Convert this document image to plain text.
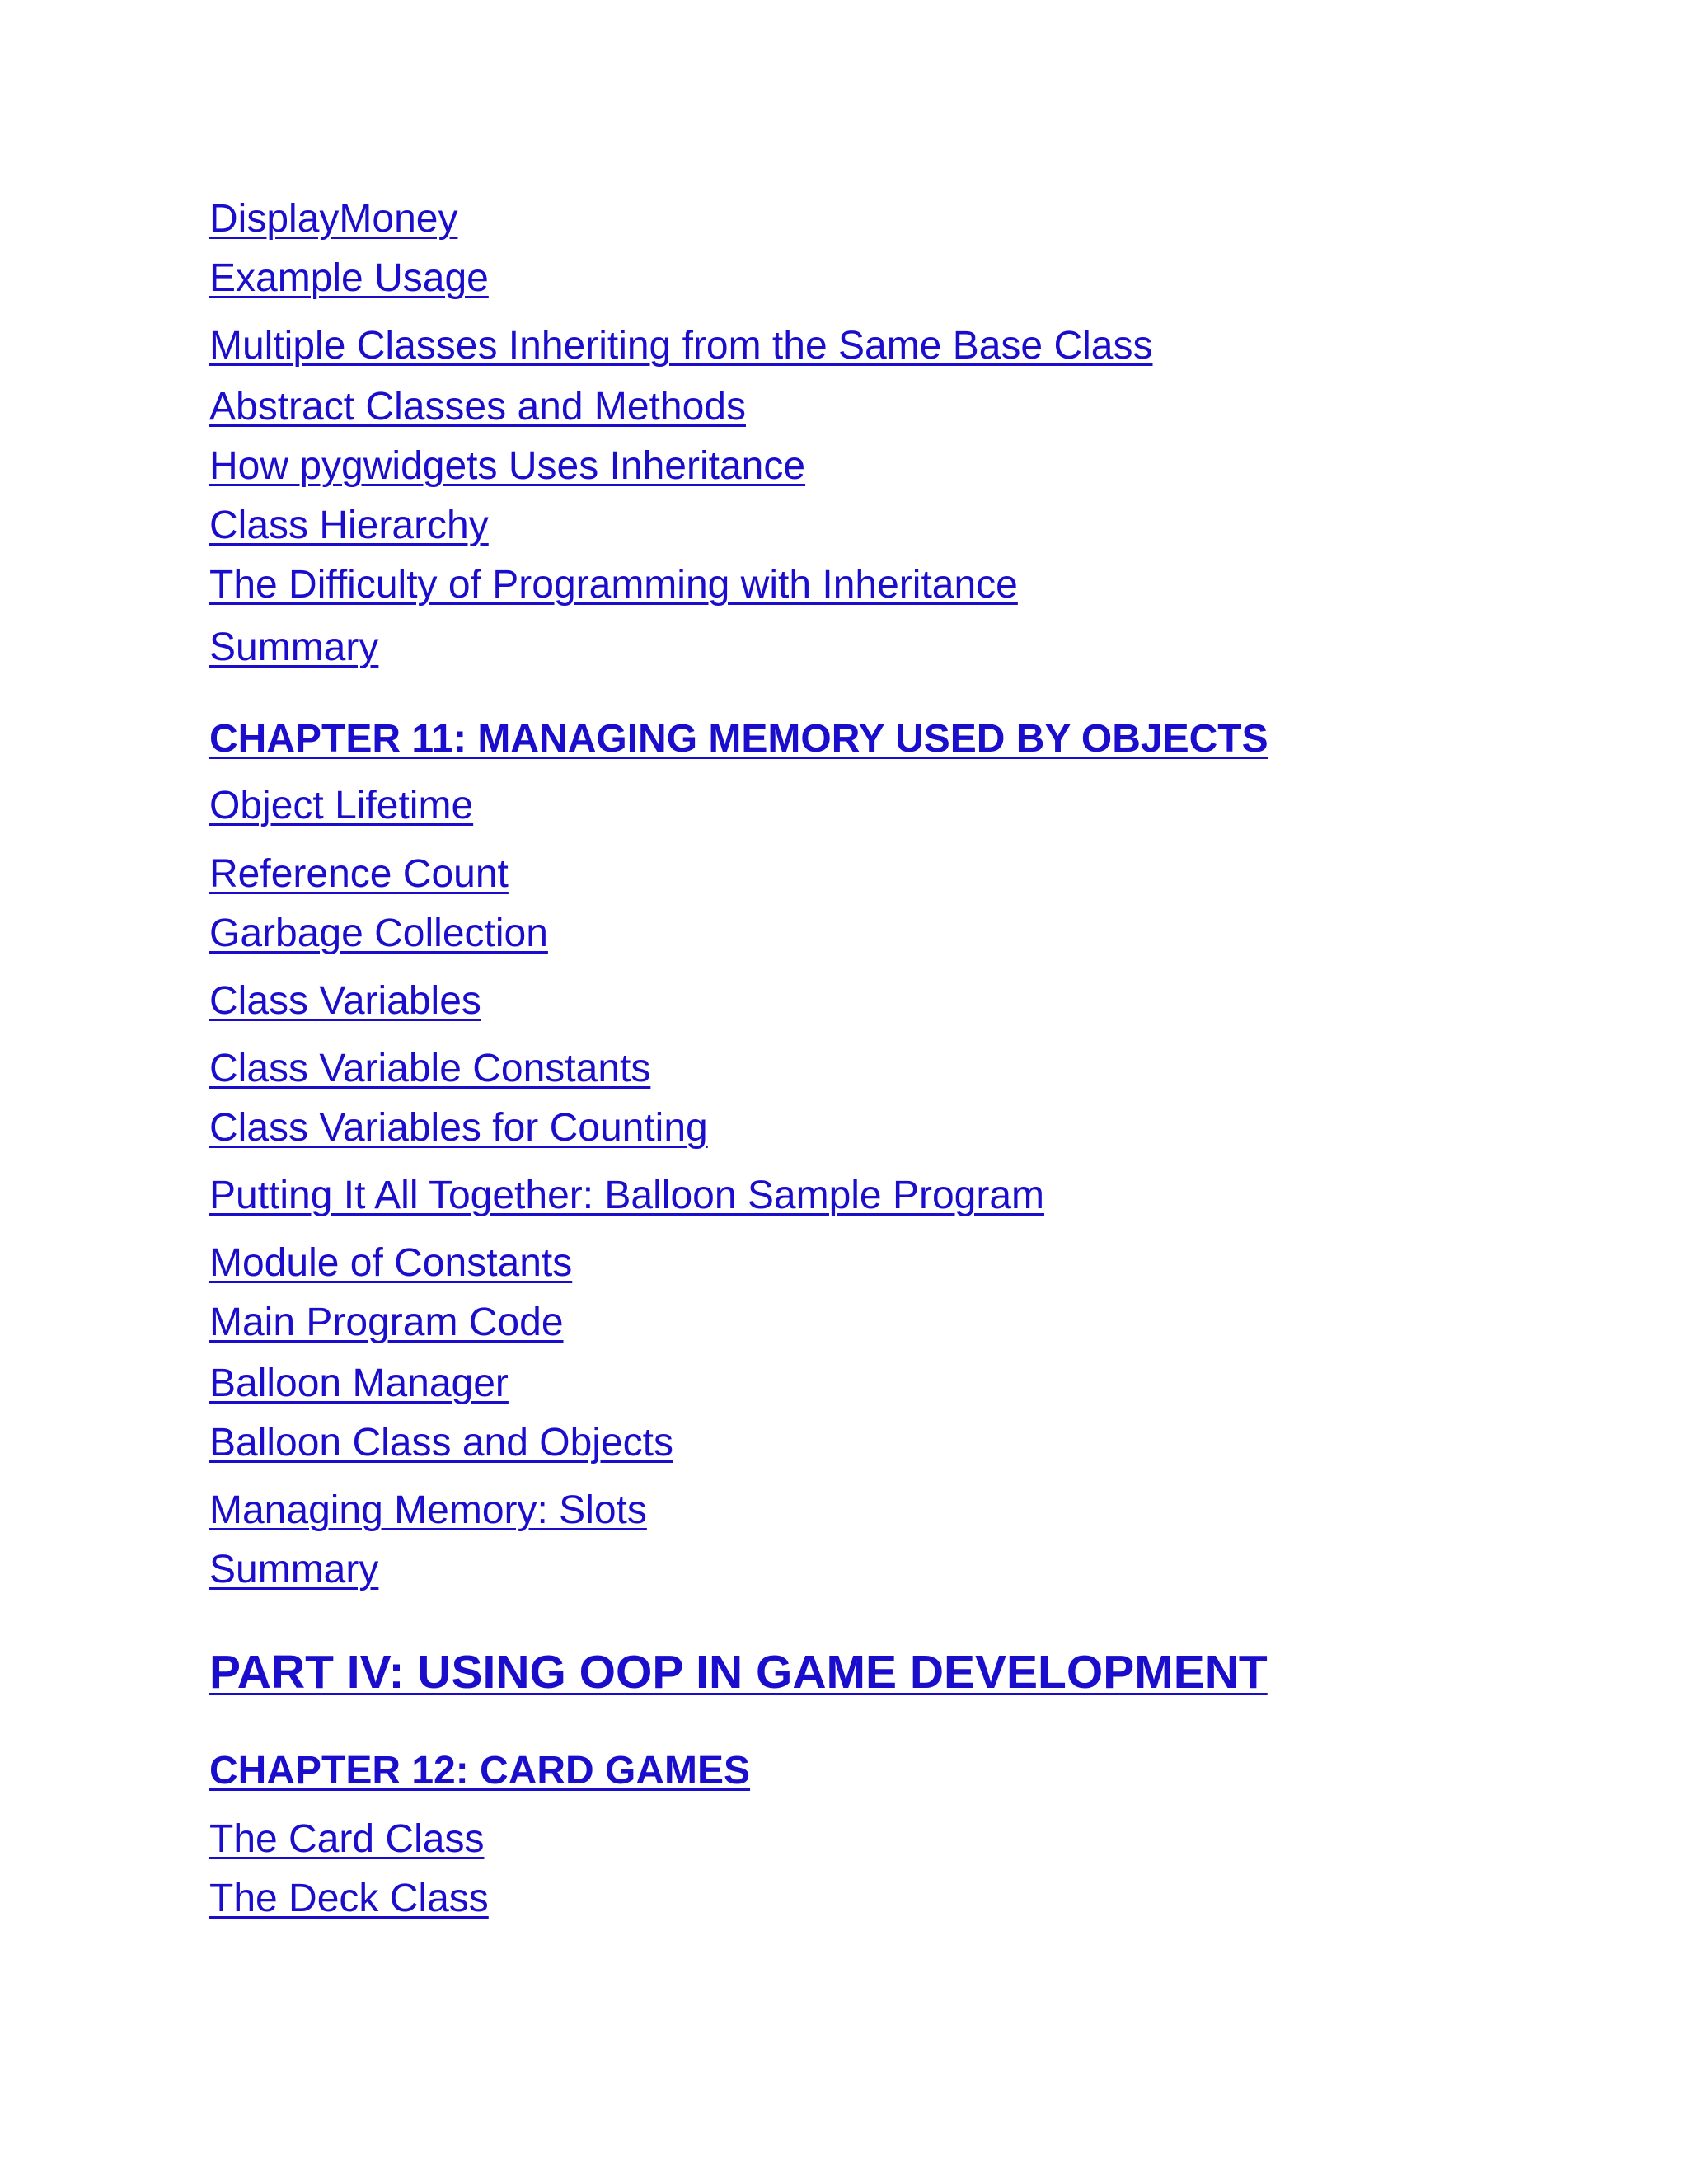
DisplayMoney
Example Usage
Multiple Classes Inheriting from the Same Base Class
Abstract Classes and Methods
How pygwidgets Uses Inheritance
Class Hierarchy
The Difficulty of Programming with Inheritance
Summary
CHAPTER 11: MANAGING MEMORY USED BY OBJECTS
Object Lifetime
Reference Count
Garbage Collection
Class Variables
Class Variable Constants
Class Variables for Counting
Putting It All Together: Balloon Sample Program
Module of Constants
Main Program Code
Balloon Manager
Balloon Class and Objects
Managing Memory: Slots
Summary
PART IV: USING OOP IN GAME DEVELOPMENT
CHAPTER 12: CARD GAMES
The Card Class
The Deck Class
